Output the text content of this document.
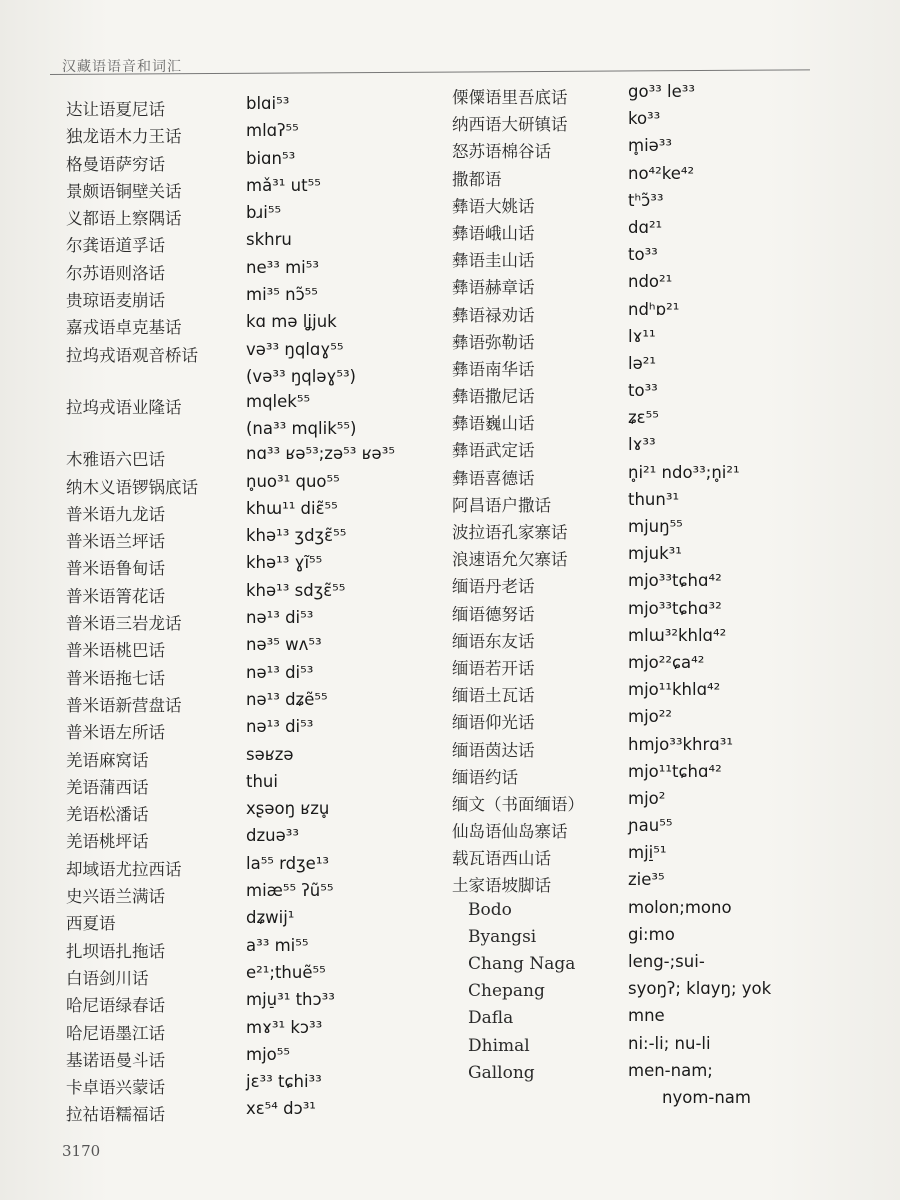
汉藏语语音和词汇
达让语夏尼话	blɑi⁵³
独龙语木力王话	mlɑʔ⁵⁵
格曼语萨穷话	biɑn⁵³
景颇语铜壁关话	mǎ³¹ ut⁵⁵
义都语上察隅话	bɹi⁵⁵
尔龚语道孚话	skhru
尔苏语则洛话	ne³³ mi⁵³
贵琼语麦崩话	mi³⁵ nɔ̃⁵⁵
嘉戎语卓克基话	kɑ mə lʝjuk
拉坞戎语观音桥话	və³³ ŋqlɑɣ⁵⁵
(və³³ ŋqləɣ⁵³)
拉坞戎语业隆话	mqlek⁵⁵
(na³³ mqlik⁵⁵)
木雅语六巴话	nɑ³³ ʁə⁵³;zə⁵³ ʁə³⁵
纳木义语锣锅底话	n̥uo³¹ quo⁵⁵
普米语九龙话	khɯ¹¹ diɛ̃⁵⁵
普米语兰坪话	khə¹³ ʒdʒɛ̃⁵⁵
普米语鲁甸话	khə¹³ ɣĩ⁵⁵
普米语箐花话	khə¹³ sdʒɛ̃⁵⁵
普米语三岩龙话	nə¹³ di⁵³
普米语桃巴话	nə³⁵ wʌ⁵³
普米语拖七话	nə¹³ di⁵³
普米语新营盘话	nə¹³ dʑẽ⁵⁵
普米语左所话	nə¹³ di⁵³
羌语麻窝话	səʁzə
羌语蒲西话	thui
羌语松潘话	xʂəoŋ ʁzu̥
羌语桃坪话	dzuə³³
却域语尤拉西话	la⁵⁵ rdʒe¹³
史兴语兰满话	miæ⁵⁵ ʔũ⁵⁵
西夏语	dʑwij¹
扎坝语扎拖话	a³³ mi⁵⁵
白语剑川话	e²¹;thuẽ⁵⁵
哈尼语绿春话	mju̠³¹ thɔ³³
哈尼语墨江话	mɤ³¹ kɔ³³
基诺语曼斗话	mjo⁵⁵
卡卓语兴蒙话	jɛ³³ tɕhi³³
拉祜语糯福话	xɛ⁵⁴ dɔ³¹
傈僳语里吾底话	go³³ le³³
纳西语大研镇话	ko³³
怒苏语棉谷话	m̥iə³³
撒都语	no⁴²ke⁴²
彝语大姚话	tʰɔ̃³³
彝语峨山话	dɑ²¹
彝语圭山话	to³³
彝语赫章话	ndo²¹
彝语禄劝话	ndʰɒ²¹
彝语弥勒话	lɤ¹¹
彝语南华话	lə²¹
彝语撒尼话	to³³
彝语巍山话	ʑɛ⁵⁵
彝语武定话	lɤ³³
彝语喜德话	n̥i²¹ ndo³³;n̥i²¹
阿昌语户撒话	thun³¹
波拉语孔家寨话	mjuŋ⁵⁵
浪速语允欠寨话	mjuk³¹
缅语丹老话	mjo³³tɕhɑ⁴²
缅语德努话	mjo³³tɕhɑ³²
缅语东友话	mlɯ³²khlɑ⁴²
缅语若开话	mjo²²ɕa⁴²
缅语土瓦话	mjo¹¹khlɑ⁴²
缅语仰光话	mjo²²
缅语茵达话	hmjo³³khrɑ³¹
缅语约话	mjo¹¹tɕhɑ⁴²
缅文（书面缅语）	mjo²
仙岛语仙岛寨话	ɲau⁵⁵
载瓦语西山话	mji̠⁵¹
土家语坡脚话	zie³⁵
Bodo	molon;mono
Byangsi	gi:mo
Chang Naga	leng-;sui-
Chepang	syoŋʔ; klɑyŋ; yok
Dafla	mne
Dhimal	ni:-li; nu-li
Gallong	men-nam;
nyom-nam
3170
